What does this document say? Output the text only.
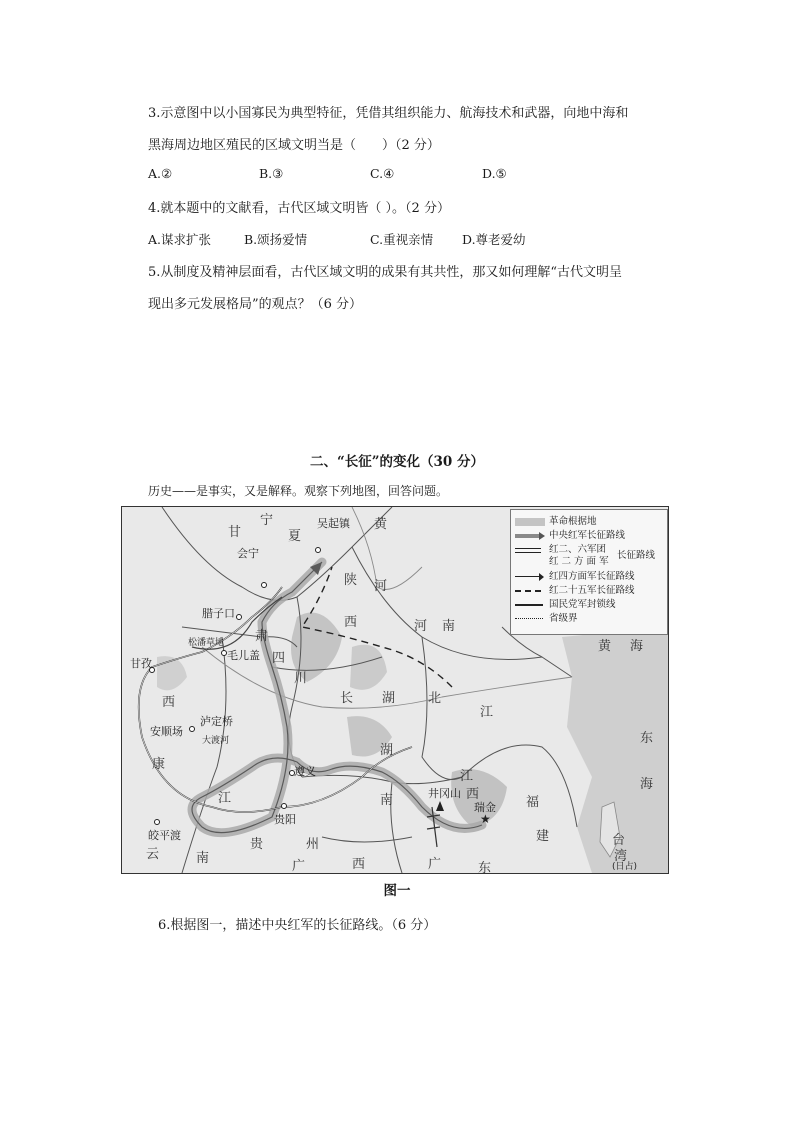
3.示意图中以小国寡民为典型特征，凭借其组织能力、航海技术和武器，向地中海和
黑海周边地区殖民的区域文明当是（　　）（2 分）
A.②	B.③	C.④	D.⑤
4.就本题中的文献看，古代区域文明皆（ ）。（2 分）
A.谋求扩张	B.颂扬爱情	C.重视亲情 D.尊老爱幼
5.从制度及精神层面看，古代区域文明的成果有其共性，那又如何理解“古代文明呈
现出多元发展格局”的观点？（6 分）
二、“长征”的变化（30 分）
历史——是事实，又是解释。观察下列地图，回答问题。
★
革命根据地
中央红军长征路线
红二、六军团
红 二 方 面 军
长征路线
红四方面军长征路线
红二十五军长征路线
国民党军封锁线
省级界
吴起镇
会宁
腊子口
松潘草地
毛儿盖
甘孜
大渡河
泸定桥
安顺场
遵义
贵阳
皎平渡
井冈山
瑞金
(日占)
宁
甘	夏
黄
河
陕
西	河 南
肃
四
川
长 湖	北
江
黄 海
东
海
康
西
湖
南
江
西
福
建
贵	州
云	南
广	西	广	东
台
湾
江
图一
6.根据图一，描述中央红军的长征路线。（6 分）
